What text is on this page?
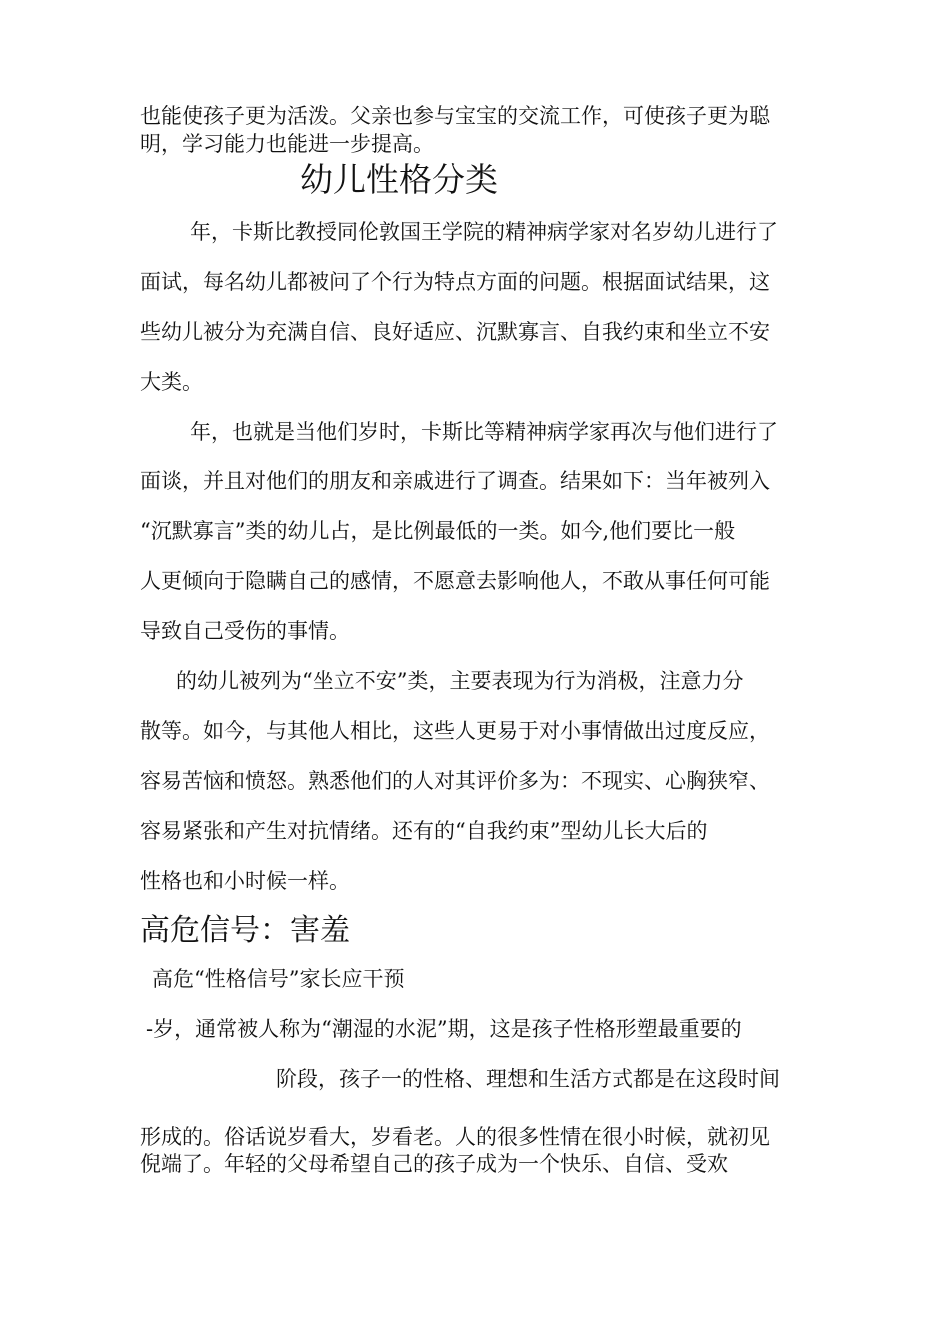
也能使孩子更为活泼。父亲也参与宝宝的交流工作，可使孩子更为聪
明，学习能力也能进一步提高。
幼儿性格分类
年，卡斯比教授同伦敦国王学院的精神病学家对名岁幼儿进行了
面试，每名幼儿都被问了个行为特点方面的问题。根据面试结果，这
些幼儿被分为充满自信、良好适应、沉默寡言、自我约束和坐立不安
大类。
年，也就是当他们岁时，卡斯比等精神病学家再次与他们进行了
面谈，并且对他们的朋友和亲戚进行了调查。结果如下：当年被列入
“沉默寡言”类的幼儿占，是比例最低的一类。如今,他们要比一般
人更倾向于隐瞒自己的感情，不愿意去影响他人，不敢从事任何可能
导致自己受伤的事情。
的幼儿被列为“坐立不安”类，主要表现为行为消极，注意力分
散等。如今，与其他人相比，这些人更易于对小事情做出过度反应，
容易苦恼和愤怒。熟悉他们的人对其评价多为：不现实、心胸狭窄、
容易紧张和产生对抗情绪。还有的“自我约束”型幼儿长大后的
性格也和小时候一样。
高危信号：害羞
高危“性格信号”家长应干预
-岁，通常被人称为“潮湿的水泥”期，这是孩子性格形塑最重要的
阶段，孩子一的性格、理想和生活方式都是在这段时间
形成的。俗话说岁看大，岁看老。人的很多性情在很小时候，就初见
倪端了。年轻的父母希望自己的孩子成为一个快乐、自信、受欢
